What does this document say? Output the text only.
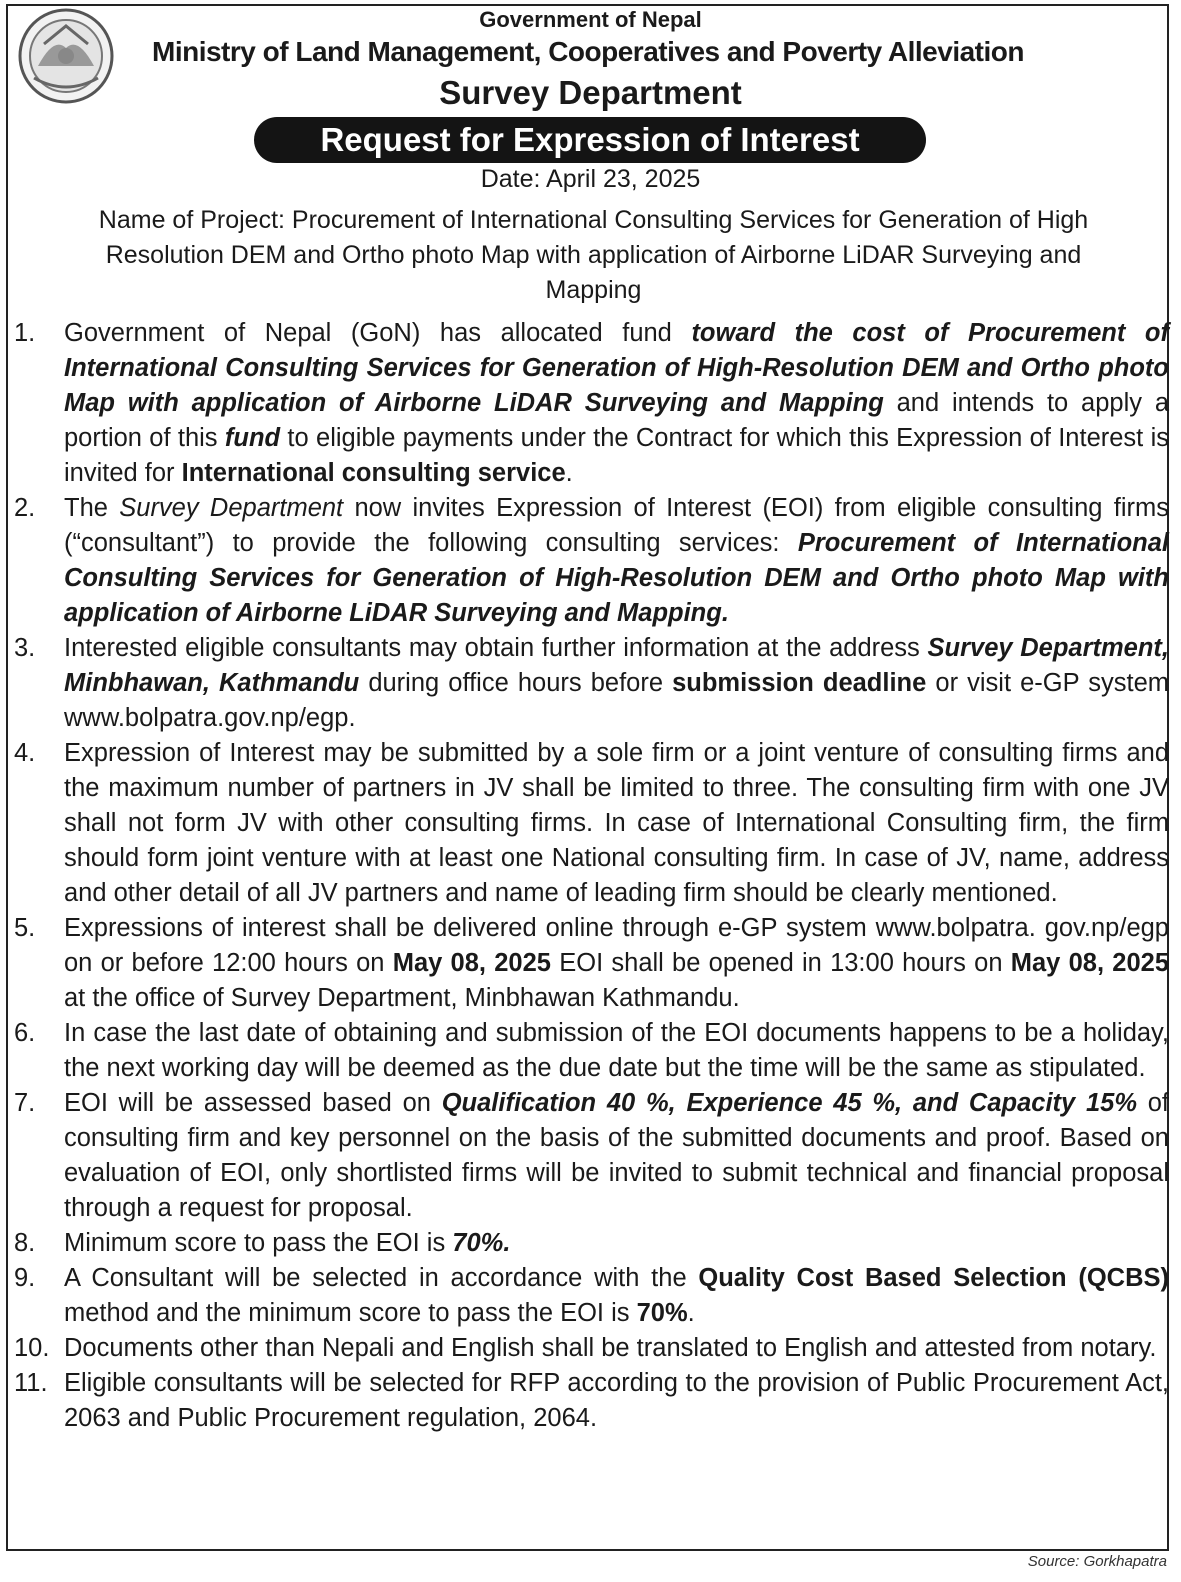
Government of Nepal
Ministry of Land Management, Cooperatives and Poverty Alleviation
Survey Department
Request for Expression of Interest
Date: April 23, 2025
Name of Project: Procurement of International Consulting Services for Generation of High Resolution DEM and Ortho photo Map with application of Airborne LiDAR Surveying and Mapping
1.	Government of Nepal (GoN) has allocated fund toward the cost of Procurement of International Consulting Services for Generation of High-Resolution DEM and Ortho photo Map with application of Airborne LiDAR Surveying and Mapping and intends to apply a portion of this fund to eligible payments under the Contract for which this Expression of Interest is invited for International consulting service.
2.	The Survey Department now invites Expression of Interest (EOI) from eligible consulting firms (“consultant”) to provide the following consulting services: Procurement of International Consulting Services for Generation of High-Resolution DEM and Ortho photo Map with application of Airborne LiDAR Surveying and Mapping.
3.	Interested eligible consultants may obtain further information at the address Survey Department, Minbhawan, Kathmandu during office hours before submission deadline or visit e-GP system www.bolpatra.gov.np/egp.
4.	Expression of Interest may be submitted by a sole firm or a joint venture of consulting firms and the maximum number of partners in JV shall be limited to three. The consulting firm with one JV shall not form JV with other consulting firms. In case of International Consulting firm, the firm should form joint venture with at least one National consulting firm. In case of JV, name, address and other detail of all JV partners and name of leading firm should be clearly mentioned.
5.	Expressions of interest shall be delivered online through e-GP system www.bolpatra. gov.np/egp on or before 12:00 hours on May 08, 2025 EOI shall be opened in 13:00 hours on May 08, 2025 at the office of Survey Department, Minbhawan Kathmandu.
6.	In case the last date of obtaining and submission of the EOI documents happens to be a holiday, the next working day will be deemed as the due date but the time will be the same as stipulated.
7.	EOI will be assessed based on Qualification 40 %, Experience 45 %, and Capacity 15% of consulting firm and key personnel on the basis of the submitted documents and proof. Based on evaluation of EOI, only shortlisted firms will be invited to submit technical and financial proposal through a request for proposal.
8.	Minimum score to pass the EOI is 70%.
9.	A Consultant will be selected in accordance with the Quality Cost Based Selection (QCBS) method and the minimum score to pass the EOI is 70%.
10. Documents other than Nepali and English shall be translated to English and attested from notary.
11. Eligible consultants will be selected for RFP according to the provision of Public Procurement Act, 2063 and Public Procurement regulation, 2064.
Source: Gorkhapatra
